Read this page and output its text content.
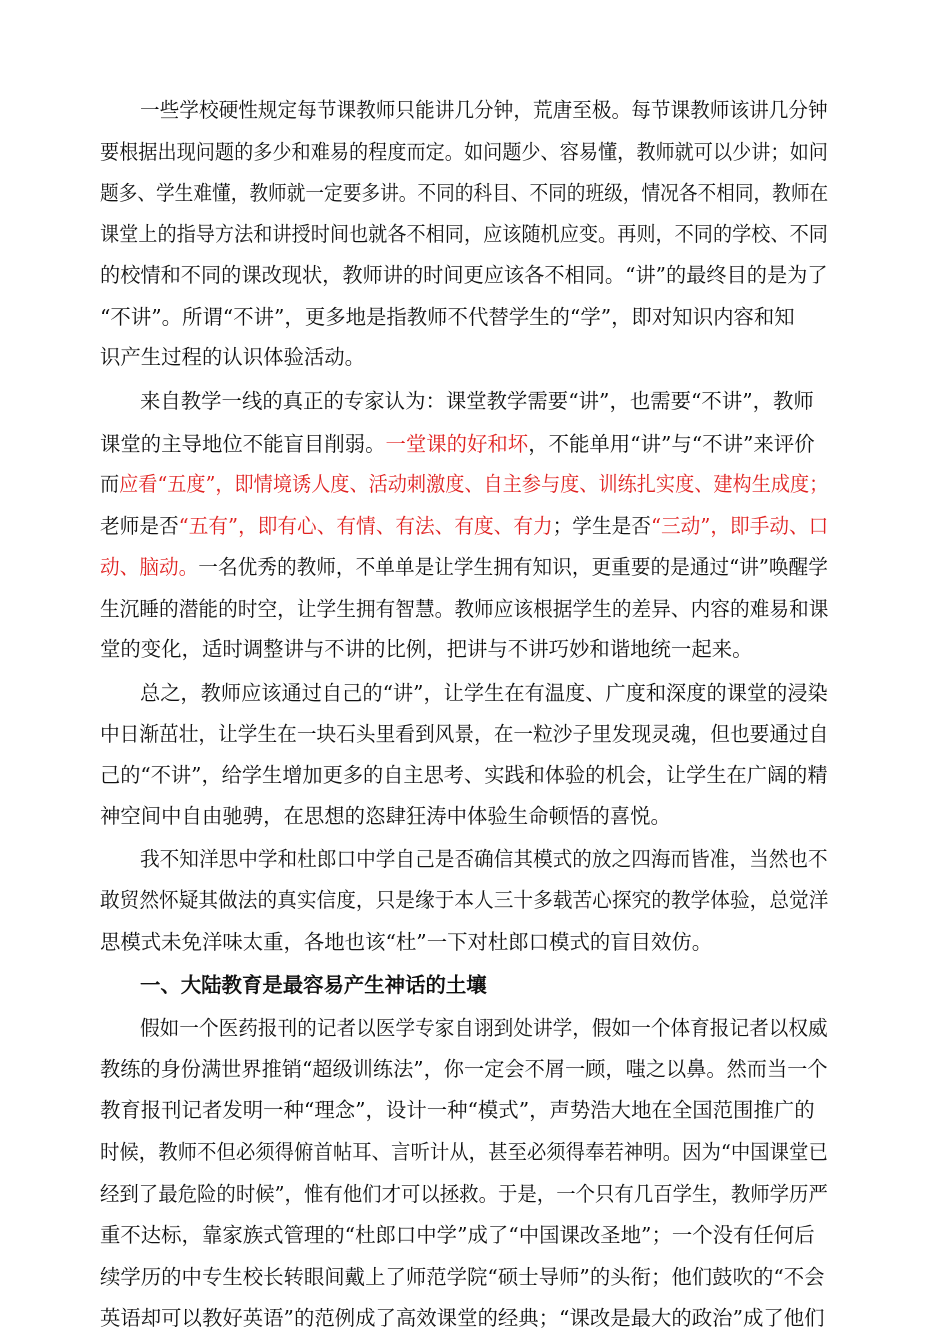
一些学校硬性规定每节课教师只能讲几分钟，荒唐至极。每节课教师该讲几分钟
要根据出现问题的多少和难易的程度而定。如问题少、容易懂，教师就可以少讲；如问
题多、学生难懂，教师就一定要多讲。不同的科目、不同的班级，情况各不相同，教师在
课堂上的指导方法和讲授时间也就各不相同，应该随机应变。再则，不同的学校、不同
的校情和不同的课改现状，教师讲的时间更应该各不相同。“讲”的最终目的是为了
“不讲”。所谓“不讲”，更多地是指教师不代替学生的“学”，即对知识内容和知
识产生过程的认识体验活动。
来自教学一线的真正的专家认为：课堂教学需要“讲”，也需要“不讲”，教师
课堂的主导地位不能盲目削弱。一堂课的好和坏，不能单用“讲”与“不讲”来评价
而应看“五度”，即情境诱人度、活动刺激度、自主参与度、训练扎实度、建构生成度；
老师是否“五有”，即有心、有情、有法、有度、有力；学生是否“三动”，即手动、口
动、脑动。一名优秀的教师，不单单是让学生拥有知识，更重要的是通过“讲”唤醒学
生沉睡的潜能的时空，让学生拥有智慧。教师应该根据学生的差异、内容的难易和课
堂的变化，适时调整讲与不讲的比例，把讲与不讲巧妙和谐地统一起来。
总之，教师应该通过自己的“讲”，让学生在有温度、广度和深度的课堂的浸染
中日渐茁壮，让学生在一块石头里看到风景，在一粒沙子里发现灵魂，但也要通过自
己的“不讲”，给学生增加更多的自主思考、实践和体验的机会，让学生在广阔的精
神空间中自由驰骋，在思想的恣肆狂涛中体验生命顿悟的喜悦。
我不知洋思中学和杜郎口中学自己是否确信其模式的放之四海而皆准，当然也不
敢贸然怀疑其做法的真实信度，只是缘于本人三十多载苦心探究的教学体验，总觉洋
思模式未免洋味太重，各地也该“杜”一下对杜郎口模式的盲目效仿。
一、大陆教育是最容易产生神话的土壤
假如一个医药报刊的记者以医学专家自诩到处讲学，假如一个体育报记者以权威
教练的身份满世界推销“超级训练法”，你一定会不屑一顾，嗤之以鼻。然而当一个
教育报刊记者发明一种“理念”，设计一种“模式”，声势浩大地在全国范围推广的
时候，教师不但必须得俯首帖耳、言听计从，甚至必须得奉若神明。因为“中国课堂已
经到了最危险的时候”，惟有他们才可以拯救。于是，一个只有几百学生，教师学历严
重不达标，靠家族式管理的“杜郎口中学”成了“中国课改圣地”；一个没有任何后
续学历的中专生校长转眼间戴上了师范学院“硕士导师”的头衔；他们鼓吹的“不会
英语却可以教好英语”的范例成了高效课堂的经典；“课改是最大的政治”成了他们
